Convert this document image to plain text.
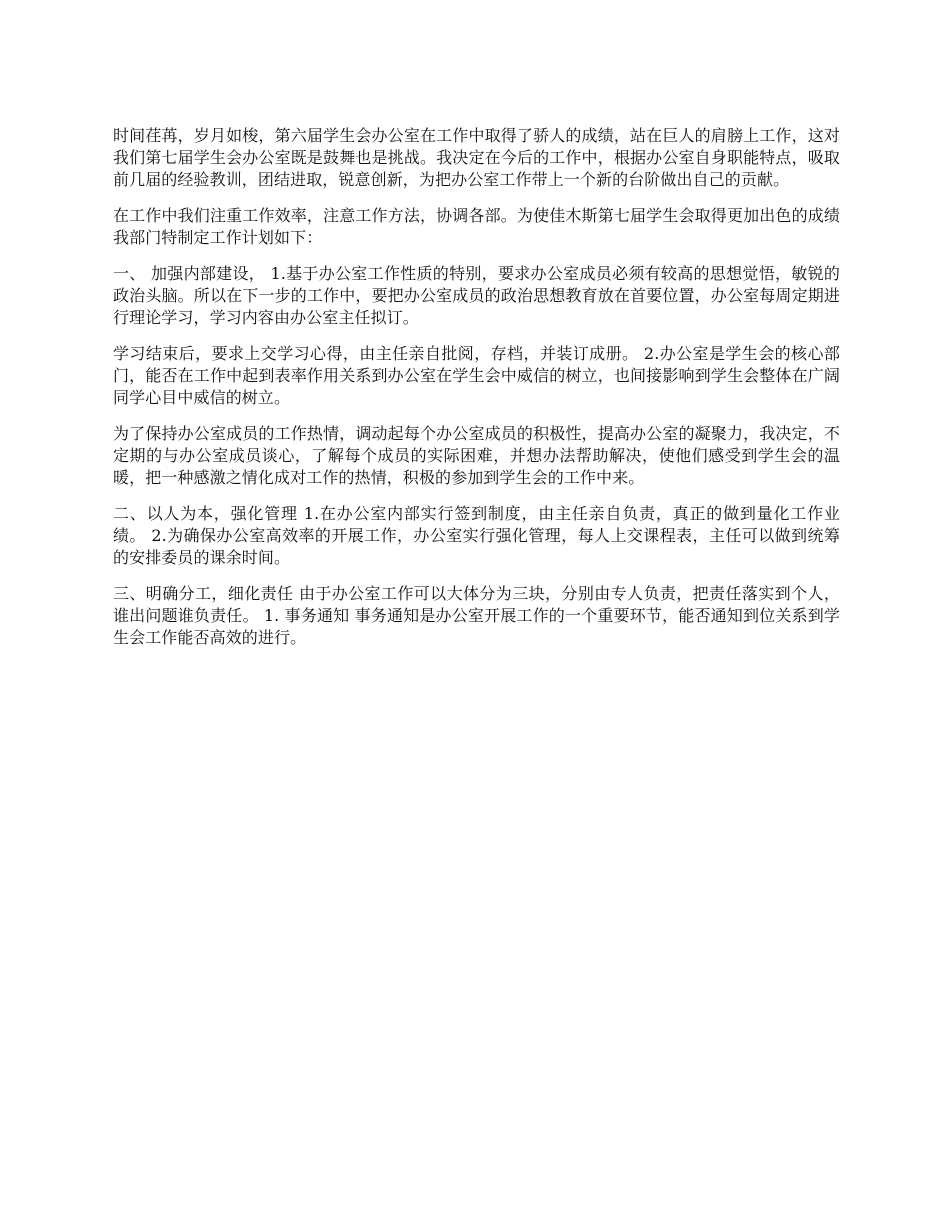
时间荏苒，岁月如梭，第六届学生会办公室在工作中取得了骄人的成绩，站在巨人的肩膀上工作，这对我们第七届学生会办公室既是鼓舞也是挑战。我决定在今后的工作中，根据办公室自身职能特点，吸取前几届的经验教训，团结进取，锐意创新，为把办公室工作带上一个新的台阶做出自己的贡献。

在工作中我们注重工作效率，注意工作方法，协调各部。为使佳木斯第七届学生会取得更加出色的成绩我部门特制定工作计划如下：

一、 加强内部建设， 1.基于办公室工作性质的特别，要求办公室成员必须有较高的思想觉悟，敏锐的政治头脑。所以在下一步的工作中，要把办公室成员的政治思想教育放在首要位置，办公室每周定期进行理论学习，学习内容由办公室主任拟订。

学习结束后，要求上交学习心得，由主任亲自批阅，存档，并装订成册。 2.办公室是学生会的核心部门，能否在工作中起到表率作用关系到办公室在学生会中威信的树立，也间接影响到学生会整体在广阔同学心目中威信的树立。

为了保持办公室成员的工作热情，调动起每个办公室成员的积极性，提高办公室的凝聚力，我决定，不定期的与办公室成员谈心，了解每个成员的实际困难，并想办法帮助解决，使他们感受到学生会的温暖，把一种感激之情化成对工作的热情，积极的参加到学生会的工作中来。

二、以人为本，强化管理 1.在办公室内部实行签到制度，由主任亲自负责，真正的做到量化工作业绩。 2.为确保办公室高效率的开展工作，办公室实行强化管理，每人上交课程表，主任可以做到统筹的安排委员的课余时间。

三、明确分工，细化责任 由于办公室工作可以大体分为三块，分别由专人负责，把责任落实到个人，谁出问题谁负责任。 1. 事务通知 事务通知是办公室开展工作的一个重要环节，能否通知到位关系到学生会工作能否高效的进行。
